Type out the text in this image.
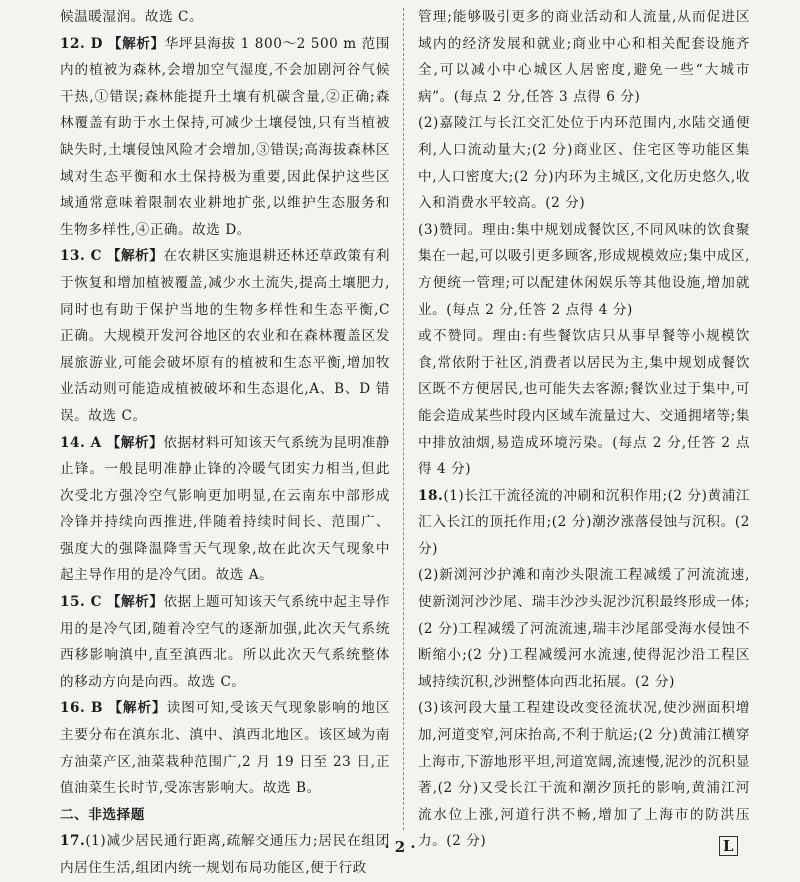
候温暖湿润。故选 C。

12. D 【解析】华坪县海拔 1 800～2 500 m 范围内的植被为森林,会增加空气湿度,不会加剧河谷气候干热,①错误;森林能提升土壤有机碳含量,②正确;森林覆盖有助于水土保持,可减少土壤侵蚀,只有当植被缺失时,土壤侵蚀风险才会增加,③错误;高海拔森林区域对生态平衡和水土保持极为重要,因此保护这些区域通常意味着限制农业耕地扩张,以维护生态服务和生物多样性,④正确。故选 D。

13. C 【解析】在农耕区实施退耕还林还草政策有利于恢复和增加植被覆盖,减少水土流失,提高土壤肥力,同时也有助于保护当地的生物多样性和生态平衡,C 正确。大规模开发河谷地区的农业和在森林覆盖区发展旅游业,可能会破坏原有的植被和生态平衡,增加牧业活动则可能造成植被破坏和生态退化,A、B、D 错误。故选 C。

14. A 【解析】依据材料可知该天气系统为昆明准静止锋。一般昆明准静止锋的冷暖气团实力相当,但此次受北方强冷空气影响更加明显,在云南东中部形成冷锋并持续向西推进,伴随着持续时间长、范围广、强度大的强降温降雪天气现象,故在此次天气现象中起主导作用的是冷气团。故选 A。

15. C 【解析】依据上题可知该天气系统中起主导作用的是冷气团,随着冷空气的逐渐加强,此次天气系统西移影响滇中,直至滇西北。所以此次天气系统整体的移动方向是向西。故选 C。

16. B 【解析】读图可知,受该天气现象影响的地区主要分布在滇东北、滇中、滇西北地区。该区域为南方油菜产区,油菜栽种范围广,2 月 19 日至 23 日,正值油菜生长时节,受冻害影响大。故选 B。

二、非选择题

17.(1)减少居民通行距离,疏解交通压力;居民在组团内居住生活,组团内统一规划布局功能区,便于行政

管理;能够吸引更多的商业活动和人流量,从而促进区域内的经济发展和就业;商业中心和相关配套设施齐全,可以减小中心城区人居密度,避免一些“大城市病”。(每点 2 分,任答 3 点得 6 分)

(2)嘉陵江与长江交汇处位于内环范围内,水陆交通便利,人口流动量大;(2 分)商业区、住宅区等功能区集中,人口密度大;(2 分)内环为主城区,文化历史悠久,收入和消费水平较高。(2 分)

(3)赞同。理由:集中规划成餐饮区,不同风味的饮食聚集在一起,可以吸引更多顾客,形成规模效应;集中成区,方便统一管理;可以配建休闲娱乐等其他设施,增加就业。(每点 2 分,任答 2 点得 4 分)

或不赞同。理由:有些餐饮店只从事早餐等小规模饮食,常依附于社区,消费者以居民为主,集中规划成餐饮区既不方便居民,也可能失去客源;餐饮业过于集中,可能会造成某些时段内区域车流量过大、交通拥堵等;集中排放油烟,易造成环境污染。(每点 2 分,任答 2 点得 4 分)

18.(1)长江干流径流的冲刷和沉积作用;(2 分)黄浦江汇入长江的顶托作用;(2 分)潮汐涨落侵蚀与沉积。(2 分)

(2)新浏河沙护滩和南沙头限流工程减缓了河流流速,使新浏河沙沙尾、瑞丰沙沙头泥沙沉积最终形成一体;(2 分)工程减缓了河流流速,瑞丰沙尾部受海水侵蚀不断缩小;(2 分)工程减缓河水流速,使得泥沙沿工程区域持续沉积,沙洲整体向西北拓展。(2 分)

(3)该河段大量工程建设改变径流状况,使沙洲面积增加,河道变窄,河床抬高,不利于航运;(2 分)黄浦江横穿上海市,下游地形平坦,河道宽阔,流速慢,泥沙的沉积显著,(2 分)又受长江干流和潮汐顶托的影响,黄浦江河流水位上涨,河道行洪不畅,增加了上海市的防洪压力。(2 分)

· 2 ·	L
